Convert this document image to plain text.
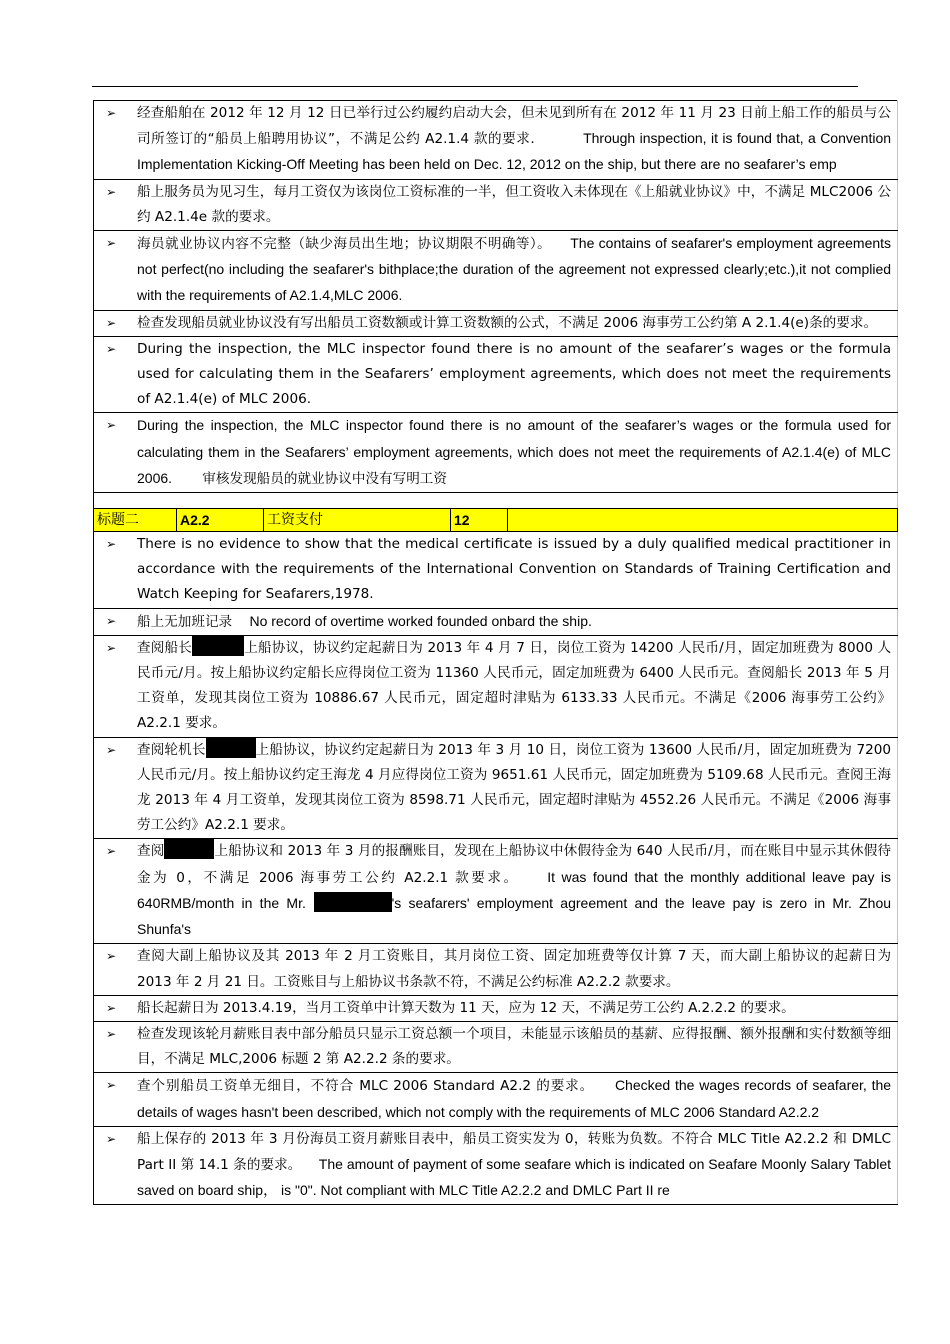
➢	经查船舶在 2012 年 12 月 12 日已举行过公约履约启动大会，但未见到所有在 2012 年 11 月 23 日前上船工作的船员与公司所签订的“船员上船聘用协议”，不满足公约 A2.1.4 款的要求.	Through inspection, it is found that, a Convention Implementation Kicking-Off Meeting has been held on Dec. 12, 2012 on the ship, but there are no seafarer’s emp

➢	船上服务员为见习生，每月工资仅为该岗位工资标准的一半，但工资收入未体现在《上船就业协议》中，不满足 MLC2006 公约 A2.1.4e 款的要求。

➢	海员就业协议内容不完整（缺少海员出生地；协议期限不明确等）。 The contains of seafarer's employment agreements not perfect(no including the seafarer's bithplace;the duration of the agreement not expressed clearly;etc.),it not complied with the requirements of A2.1.4,MLC 2006.

➢	检查发现船员就业协议没有写出船员工资数额或计算工资数额的公式，不满足 2006 海事劳工公约第 A 2.1.4(e)条的要求。

➢	During the inspection, the MLC inspector found there is no amount of the seafarer’s wages or the formula used for calculating them in the Seafarers’ employment agreements, which does not meet the requirements of A2.1.4(e) of MLC 2006.

➢	During the inspection, the MLC inspector found there is no amount of the seafarer’s wages or the formula used for calculating them in the Seafarers’ employment agreements, which does not meet the requirements of A2.1.4(e) of MLC 2006. 审核发现船员的就业协议中没有写明工资

标题二	A2.2	工资支付	12	

➢	There is no evidence to show that the medical certificate is issued by a duly qualified medical practitioner in accordance with the requirements of the International Convention on Standards of Training Certification and Watch Keeping for Seafarers,1978.

➢	船上无加班记录 No record of overtime worked founded onbard the ship.

➢	查阅船长	上船协议，协议约定起薪日为 2013 年 4 月 7 日，岗位工资为 14200 人民币/月，固定加班费为 8000 人民币元/月。按上船协议约定船长应得岗位工资为 11360 人民币元，固定加班费为 6400 人民币元。查阅船长 2013 年 5 月工资单，发现其岗位工资为 10886.67 人民币元，固定超时津贴为 6133.33 人民币元。不满足《2006 海事劳工公约》A2.2.1 要求。

➢	查阅轮机长	上船协议，协议约定起薪日为 2013 年 3 月 10 日，岗位工资为 13600 人民币/月，固定加班费为 7200 人民币元/月。按上船协议约定王海龙 4 月应得岗位工资为 9651.61 人民币元，固定加班费为 5109.68 人民币元。查阅王海龙 2013 年 4 月工资单，发现其岗位工资为 8598.71 人民币元，固定超时津贴为 4552.26 人民币元。不满足《2006 海事劳工公约》A2.2.1 要求。

➢	查阅	上船协议和 2013 年 3 月的报酬账目，发现在上船协议中休假待金为 640 人民币/月，而在账目中显示其休假待金为 0，不满足 2006 海事劳工公约 A2.2.1 款要求。 It was found that the monthly additional leave pay is 640RMB/month in the Mr.	's seafarers' employment agreement and the leave pay is zero in Mr. Zhou Shunfa's

➢	查阅大副上船协议及其 2013 年 2 月工资账目，其月岗位工资、固定加班费等仅计算 7 天，而大副上船协议的起薪日为 2013 年 2 月 21 日。工资账目与上船协议书条款不符，不满足公约标准 A2.2.2 款要求。

➢	船长起薪日为 2013.4.19，当月工资单中计算天数为 11 天，应为 12 天，不满足劳工公约 A.2.2.2 的要求。

➢	检查发现该轮月薪账目表中部分船员只显示工资总额一个项目，未能显示该船员的基薪、应得报酬、额外报酬和实付数额等细目，不满足 MLC,2006 标题 2 第 A2.2.2 条的要求。

➢	查个别船员工资单无细目，不符合 MLC 2006 Standard A2.2 的要求。 Checked the wages records of seafarer, the details of wages hasn't been described, which not comply with the requirements of MLC 2006 Standard A2.2.2

➢	船上保存的 2013 年 3 月份海员工资月薪账目表中，船员工资实发为 0，转账为负数。不符合 MLC Title A2.2.2 和 DMLC Part II 第 14.1 条的要求。 The amount of payment of some seafare which is indicated on Seafare Moonly Salary Tablet saved on board ship， is "0". Not compliant with MLC Title A2.2.2 and DMLC Part II re
